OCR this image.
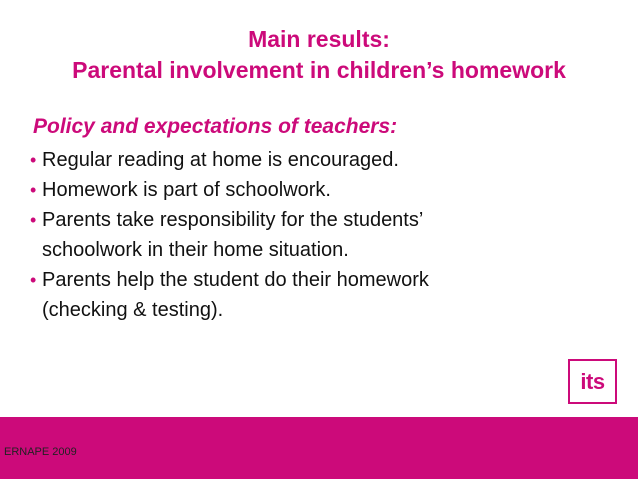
Main results:
Parental involvement in children’s homework
Policy and expectations of teachers:
• Regular reading at home is encouraged.
• Homework is part of schoolwork.
• Parents take responsibility for the students’
schoolwork in their home situation.
• Parents help the student do their homework
(checking & testing).
its
ERNAPE 2009
